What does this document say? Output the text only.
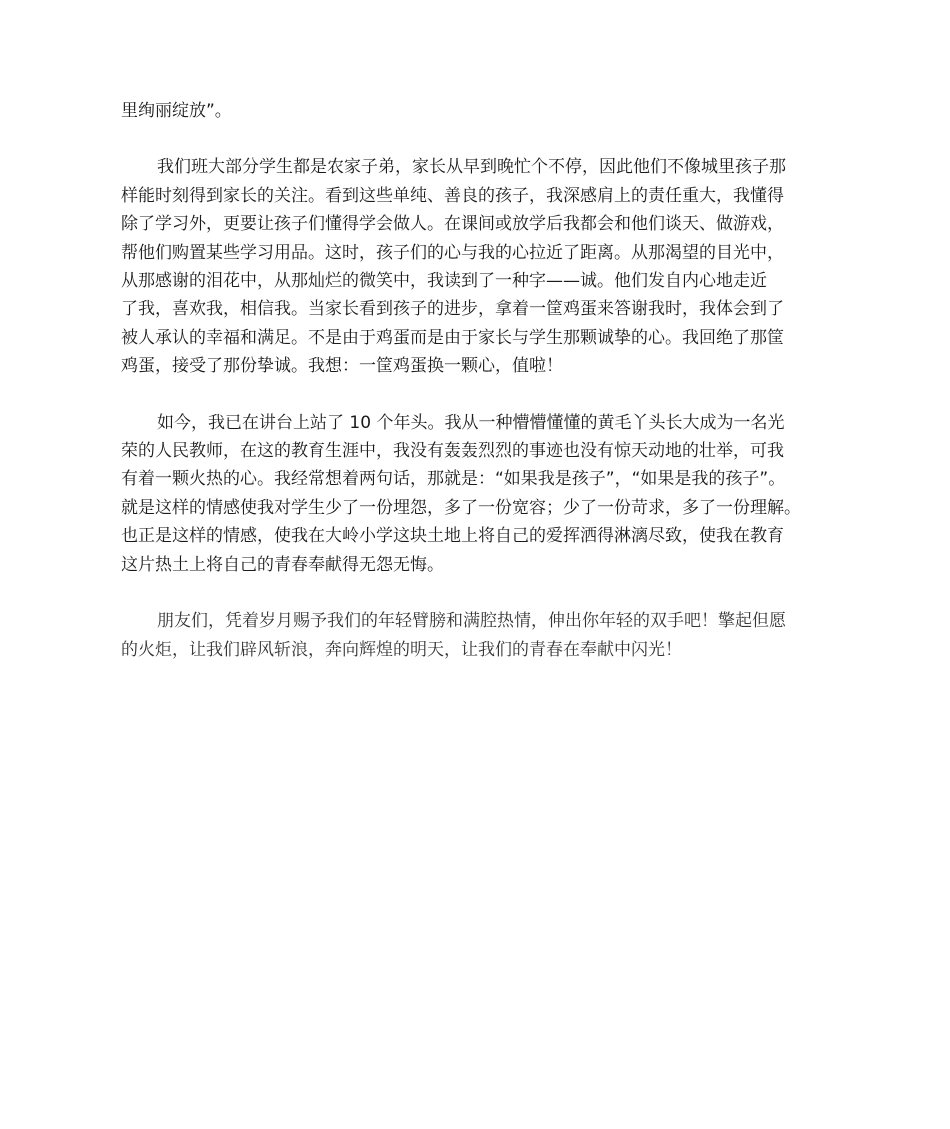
里绚丽绽放”。

我们班大部分学生都是农家子弟，家长从早到晚忙个不停，因此他们不像城里孩子那
样能时刻得到家长的关注。看到这些单纯、善良的孩子，我深感肩上的责任重大，我懂得
除了学习外，更要让孩子们懂得学会做人。在课间或放学后我都会和他们谈天、做游戏，
帮他们购置某些学习用品。这时，孩子们的心与我的心拉近了距离。从那渴望的目光中，
从那感谢的泪花中，从那灿烂的微笑中，我读到了一种字——诚。他们发自内心地走近
了我，喜欢我，相信我。当家长看到孩子的进步，拿着一筐鸡蛋来答谢我时，我体会到了
被人承认的幸福和满足。不是由于鸡蛋而是由于家长与学生那颗诚挚的心。我回绝了那筐
鸡蛋，接受了那份挚诚。我想：一筐鸡蛋换一颗心，值啦！

如今，我已在讲台上站了 10 个年头。我从一种懵懵懂懂的黄毛丫头长大成为一名光
荣的人民教师，在这的教育生涯中，我没有轰轰烈烈的事迹也没有惊天动地的壮举，可我
有着一颗火热的心。我经常想着两句话，那就是：“如果我是孩子”，“如果是我的孩子”。
就是这样的情感使我对学生少了一份埋怨，多了一份宽容；少了一份苛求，多了一份理解。
也正是这样的情感，使我在大岭小学这块土地上将自己的爱挥洒得淋漓尽致，使我在教育
这片热土上将自己的青春奉献得无怨无悔。

朋友们，凭着岁月赐予我们的年轻臂膀和满腔热情，伸出你年轻的双手吧！擎起但愿
的火炬，让我们辟风斩浪，奔向辉煌的明天，让我们的青春在奉献中闪光！
